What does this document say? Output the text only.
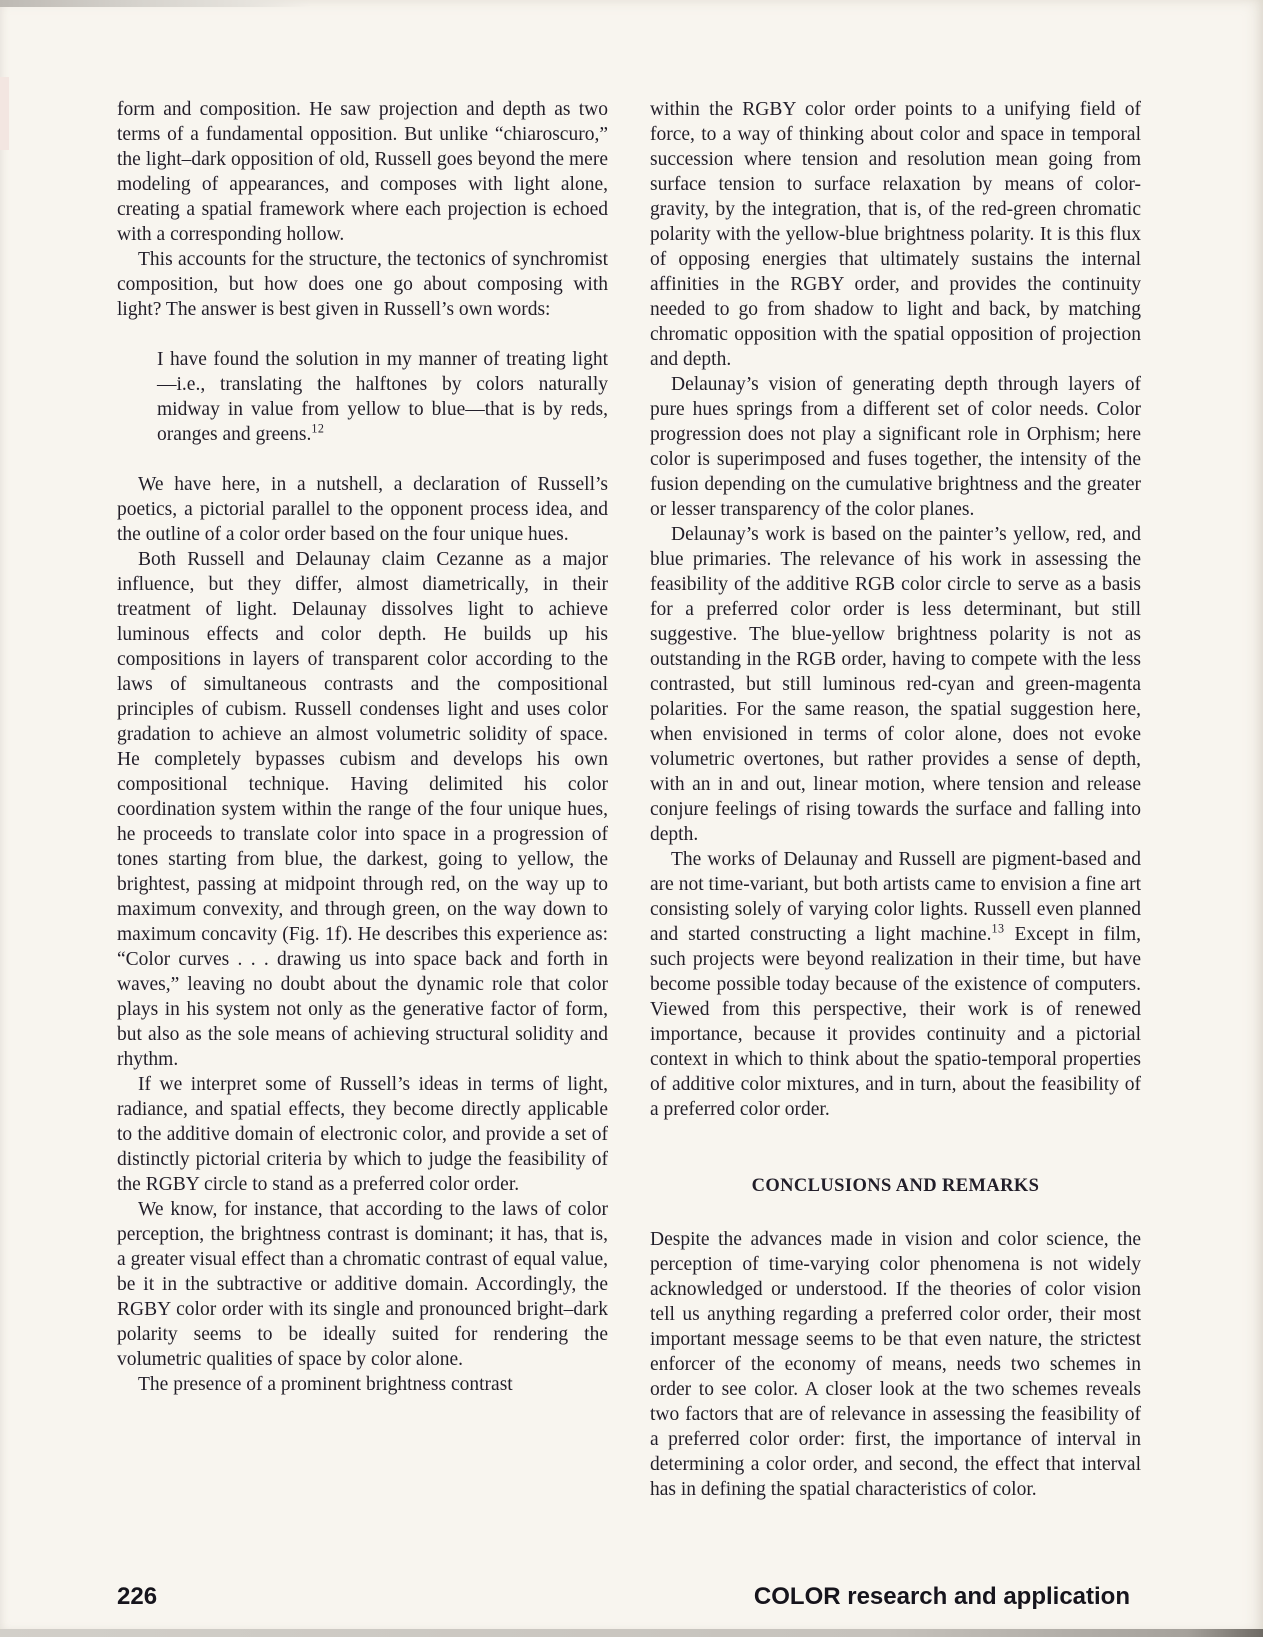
form and composition. He saw projection and depth as two terms of a fundamental opposition. But unlike “chiaroscuro,” the light–dark opposition of old, Russell goes beyond the mere modeling of appearances, and composes with light alone, creating a spatial framework where each projection is echoed with a corresponding hollow.

This accounts for the structure, the tectonics of synchromist composition, but how does one go about composing with light? The answer is best given in Russell’s own words:

I have found the solution in my manner of treating light—i.e., translating the halftones by colors naturally midway in value from yellow to blue—that is by reds, oranges and greens.$^{12}$

We have here, in a nutshell, a declaration of Russell’s poetics, a pictorial parallel to the opponent process idea, and the outline of a color order based on the four unique hues.

Both Russell and Delaunay claim Cezanne as a major influence, but they differ, almost diametrically, in their treatment of light. Delaunay dissolves light to achieve luminous effects and color depth. He builds up his compositions in layers of transparent color according to the laws of simultaneous contrasts and the compositional principles of cubism. Russell condenses light and uses color gradation to achieve an almost volumetric solidity of space. He completely bypasses cubism and develops his own compositional technique. Having delimited his color coordination system within the range of the four unique hues, he proceeds to translate color into space in a progression of tones starting from blue, the darkest, going to yellow, the brightest, passing at midpoint through red, on the way up to maximum convexity, and through green, on the way down to maximum concavity (Fig. 1f). He describes this experience as: “Color curves . . . drawing us into space back and forth in waves,” leaving no doubt about the dynamic role that color plays in his system not only as the generative factor of form, but also as the sole means of achieving structural solidity and rhythm.

If we interpret some of Russell’s ideas in terms of light, radiance, and spatial effects, they become directly applicable to the additive domain of electronic color, and provide a set of distinctly pictorial criteria by which to judge the feasibility of the RGBY circle to stand as a preferred color order.

We know, for instance, that according to the laws of color perception, the brightness contrast is dominant; it has, that is, a greater visual effect than a chromatic contrast of equal value, be it in the subtractive or additive domain. Accordingly, the RGBY color order with its single and pronounced bright–dark polarity seems to be ideally suited for rendering the volumetric qualities of space by color alone.

The presence of a prominent brightness contrast

within the RGBY color order points to a unifying field of force, to a way of thinking about color and space in temporal succession where tension and resolution mean going from surface tension to surface relaxation by means of color-gravity, by the integration, that is, of the red-green chromatic polarity with the yellow-blue brightness polarity. It is this flux of opposing energies that ultimately sustains the internal affinities in the RGBY order, and provides the continuity needed to go from shadow to light and back, by matching chromatic opposition with the spatial opposition of projection and depth.

Delaunay’s vision of generating depth through layers of pure hues springs from a different set of color needs. Color progression does not play a significant role in Orphism; here color is superimposed and fuses together, the intensity of the fusion depending on the cumulative brightness and the greater or lesser transparency of the color planes.

Delaunay’s work is based on the painter’s yellow, red, and blue primaries. The relevance of his work in assessing the feasibility of the additive RGB color circle to serve as a basis for a preferred color order is less determinant, but still suggestive. The blue-yellow brightness polarity is not as outstanding in the RGB order, having to compete with the less contrasted, but still luminous red-cyan and green-magenta polarities. For the same reason, the spatial suggestion here, when envisioned in terms of color alone, does not evoke volumetric overtones, but rather provides a sense of depth, with an in and out, linear motion, where tension and release conjure feelings of rising towards the surface and falling into depth.

The works of Delaunay and Russell are pigment-based and are not time-variant, but both artists came to envision a fine art consisting solely of varying color lights. Russell even planned and started constructing a light machine.$^{13}$ Except in film, such projects were beyond realization in their time, but have become possible today because of the existence of computers. Viewed from this perspective, their work is of renewed importance, because it provides continuity and a pictorial context in which to think about the spatio-temporal properties of additive color mixtures, and in turn, about the feasibility of a preferred color order.

CONCLUSIONS AND REMARKS

Despite the advances made in vision and color science, the perception of time-varying color phenomena is not widely acknowledged or understood. If the theories of color vision tell us anything regarding a preferred color order, their most important message seems to be that even nature, the strictest enforcer of the economy of means, needs two schemes in order to see color. A closer look at the two schemes reveals two factors that are of relevance in assessing the feasibility of a preferred color order: first, the importance of interval in determining a color order, and second, the effect that interval has in defining the spatial characteristics of color.

226	COLOR research and application
